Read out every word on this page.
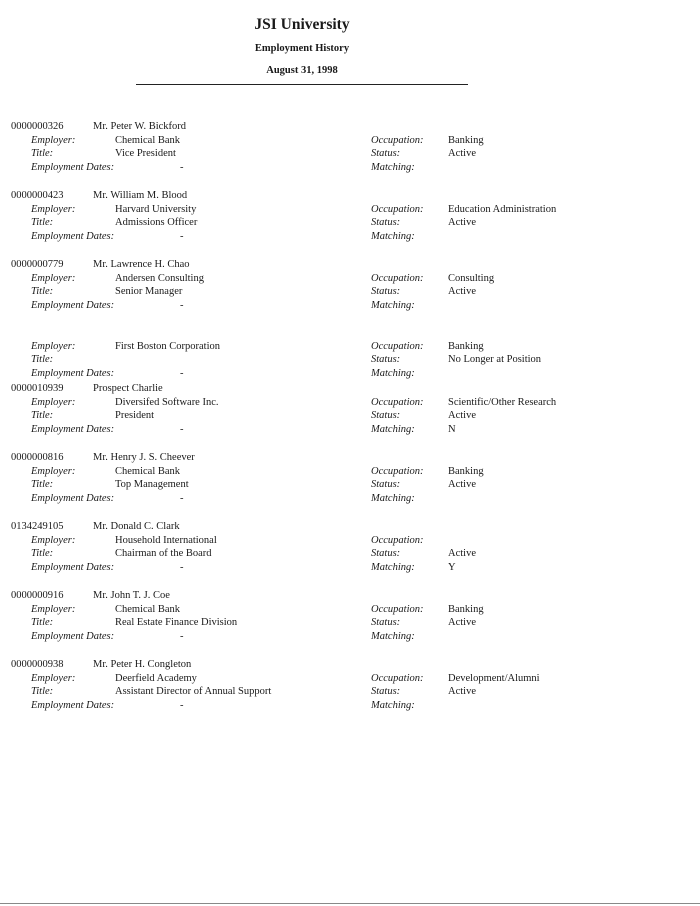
JSI University
Employment History
August 31, 1998
0000000326	Mr. Peter W. Bickford
Employer:	Chemical Bank
Title:	Vice President
Employment Dates:	-
Occupation: Banking
Status:	Active
Matching:
0000000423	Mr. William M. Blood
Employer:	Harvard University
Title:	Admissions Officer
Employment Dates:	-
Occupation: Education Administration
Status:	Active
Matching:
0000000779	Mr. Lawrence H. Chao
Employer:	Andersen Consulting
Title:	Senior Manager
Employment Dates:	-
Occupation: Consulting
Status:	Active
Matching:
Employer:	First Boston Corporation
Title:
Employment Dates:	-
Occupation: Banking
Status:	No Longer at Position
Matching:
0000010939	Prospect Charlie
Employer:	Diversifed Software Inc.
Title:	President
Employment Dates:	-
Occupation: Scientific/Other Research
Status:	Active
Matching:	N
0000000816	Mr. Henry J. S. Cheever
Employer:	Chemical Bank
Title:	Top Management
Employment Dates:	-
Occupation: Banking
Status:	Active
Matching:
0134249105	Mr. Donald C. Clark
Employer:	Household International
Title:	Chairman of the Board
Employment Dates:	-
Occupation:
Status:	Active
Matching:	Y
0000000916	Mr. John T. J. Coe
Employer:	Chemical Bank
Title:	Real Estate Finance Division
Employment Dates:	-
Occupation: Banking
Status:	Active
Matching:
0000000938	Mr. Peter H. Congleton
Employer:	Deerfield Academy
Title:	Assistant Director of Annual Support
Employment Dates:	-
Occupation: Development/Alumni
Status:	Active
Matching:
